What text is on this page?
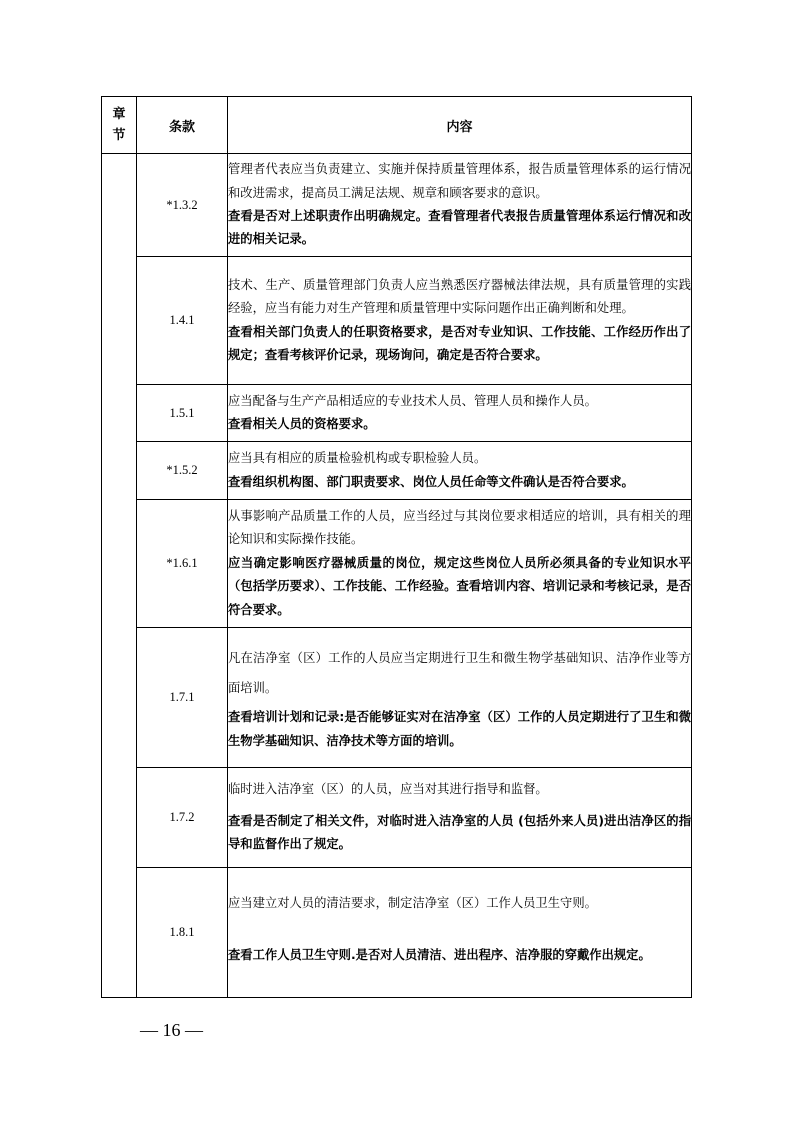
章
节	条款	内容
	*1.3.2	管理者代表应当负责建立、实施并保持质量管理体系，报告质量管理体系的运行情况和改进需求，提高员工满足法规、规章和顾客要求的意识。
查看是否对上述职责作出明确规定。查看管理者代表报告质量管理体系运行情况和改进的相关记录。

	1.4.1	技术、生产、质量管理部门负责人应当熟悉医疗器械法律法规，具有质量管理的实践经验，应当有能力对生产管理和质量管理中实际问题作出正确判断和处理。
查看相关部门负责人的任职资格要求，是否对专业知识、工作技能、工作经历作出了规定；查看考核评价记录，现场询问，确定是否符合要求。

	1.5.1	应当配备与生产产品相适应的专业技术人员、管理人员和操作人员。
查看相关人员的资格要求。

	*1.5.2	应当具有相应的质量检验机构或专职检验人员。
查看组织机构图、部门职责要求、岗位人员任命等文件确认是否符合要求。

	*1.6.1	从事影响产品质量工作的人员，应当经过与其岗位要求相适应的培训，具有相关的理论知识和实际操作技能。
应当确定影响医疗器械质量的岗位，规定这些岗位人员所必须具备的专业知识水平（包括学历要求）、工作技能、工作经验。查看培训内容、培训记录和考核记录，是否符合要求。

	1.7.1	凡在洁净室（区）工作的人员应当定期进行卫生和微生物学基础知识、洁净作业等方面培训。
查看培训计划和记录:是否能够证实对在洁净室（区）工作的人员定期进行了卫生和微生物学基础知识、洁净技术等方面的培训。

	1.7.2	临时进入洁净室（区）的人员，应当对其进行指导和监督。
查看是否制定了相关文件，对临时进入洁净室的人员 (包括外来人员)进出洁净区的指导和监督作出了规定。

	1.8.1	应当建立对人员的清洁要求，制定洁净室（区）工作人员卫生守则。
查看工作人员卫生守则.是否对人员清洁、进出程序、洁净服的穿戴作出规定。
— 16 —
